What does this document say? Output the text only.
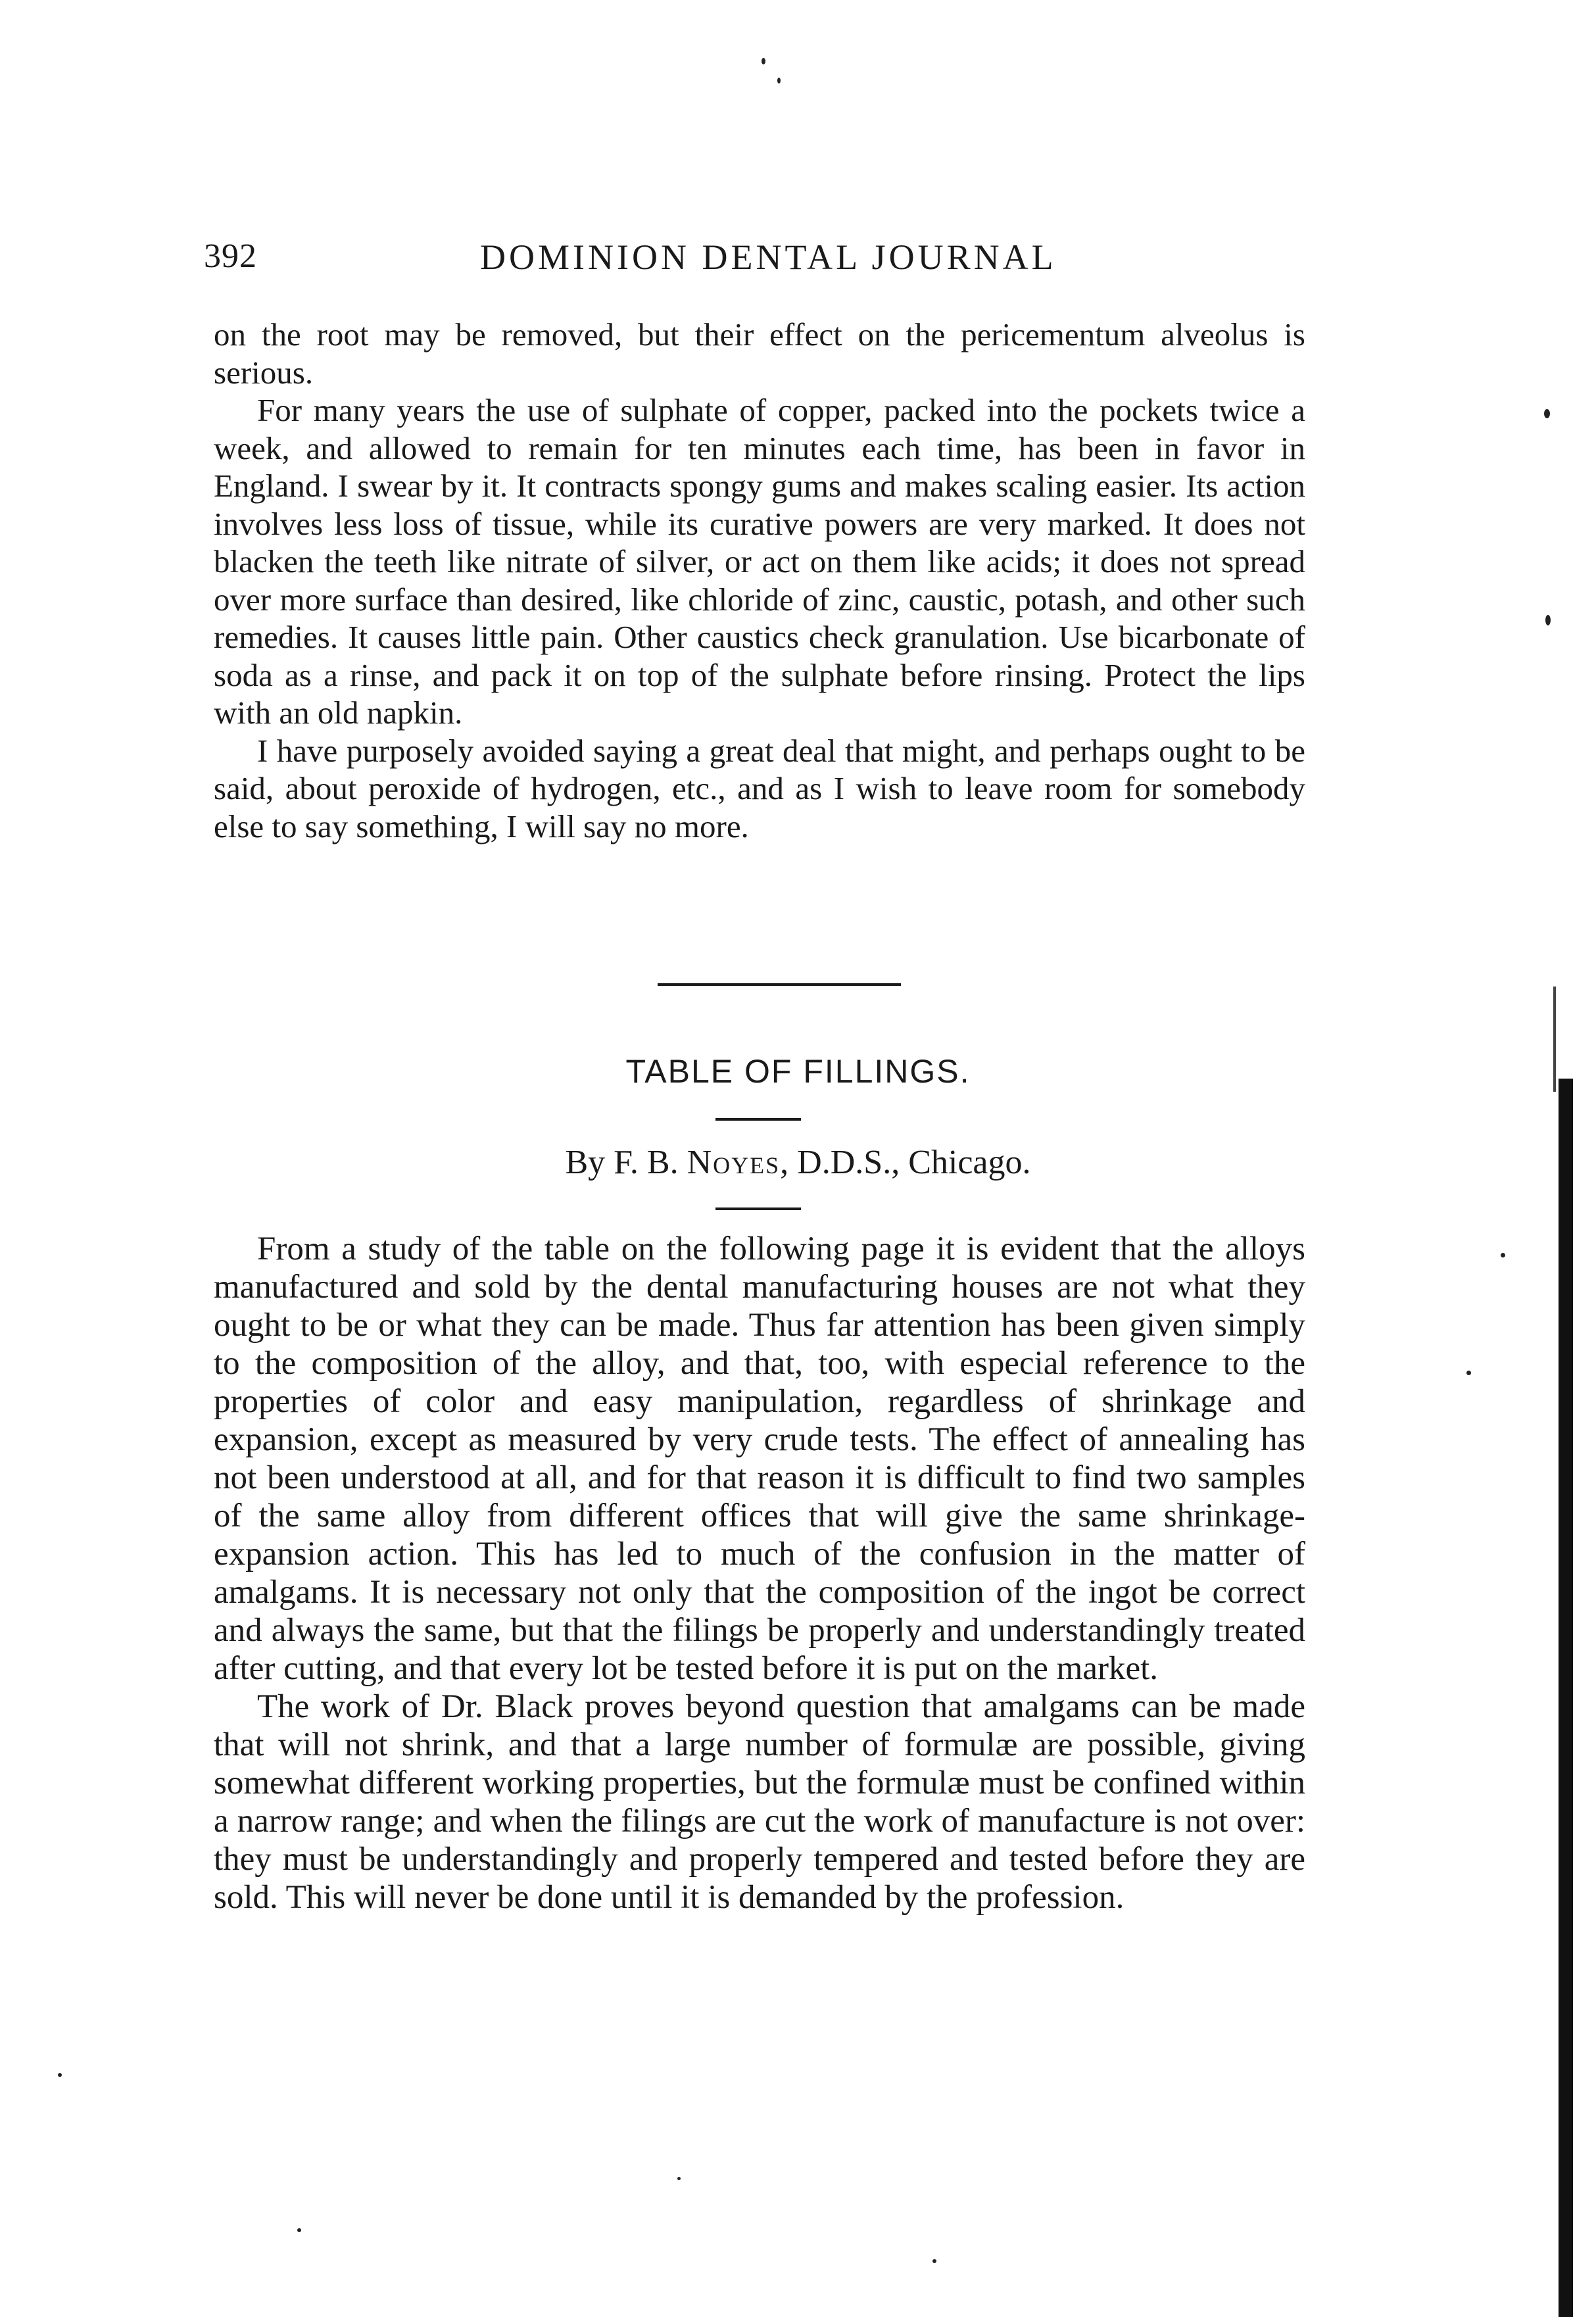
392	DOMINION DENTAL JOURNAL

on the root may be removed, but their effect on the pericementum alveolus is serious.

For many years the use of sulphate of copper, packed into the pockets twice a week, and allowed to remain for ten minutes each time, has been in favor in England. I swear by it. It contracts spongy gums and makes scaling easier. Its action involves less loss of tissue, while its curative powers are very marked. It does not blacken the teeth like nitrate of silver, or act on them like acids; it does not spread over more surface than desired, like chloride of zinc, caustic, potash, and other such remedies. It causes little pain. Other caustics check granulation. Use bicarbonate of soda as a rinse, and pack it on top of the sulphate before rinsing. Protect the lips with an old napkin.

I have purposely avoided saying a great deal that might, and perhaps ought to be said, about peroxide of hydrogen, etc., and as I wish to leave room for somebody else to say something, I will say no more.

TABLE OF FILLINGS.
By F. B. Noyes, D.D.S., Chicago.

From a study of the table on the following page it is evident that the alloys manufactured and sold by the dental manufacturing houses are not what they ought to be or what they can be made. Thus far attention has been given simply to the composition of the alloy, and that, too, with especial reference to the properties of color and easy manipulation, regardless of shrinkage and expansion, except as measured by very crude tests. The effect of annealing has not been understood at all, and for that reason it is difficult to find two samples of the same alloy from different offices that will give the same shrinkage-expansion action. This has led to much of the confusion in the matter of amalgams. It is necessary not only that the composition of the ingot be correct and always the same, but that the filings be properly and understandingly treated after cutting, and that every lot be tested before it is put on the market.

The work of Dr. Black proves beyond question that amalgams can be made that will not shrink, and that a large number of formulæ are possible, giving somewhat different working properties, but the formulæ must be confined within a narrow range; and when the filings are cut the work of manufacture is not over: they must be understandingly and properly tempered and tested before they are sold. This will never be done until it is demanded by the profession.
